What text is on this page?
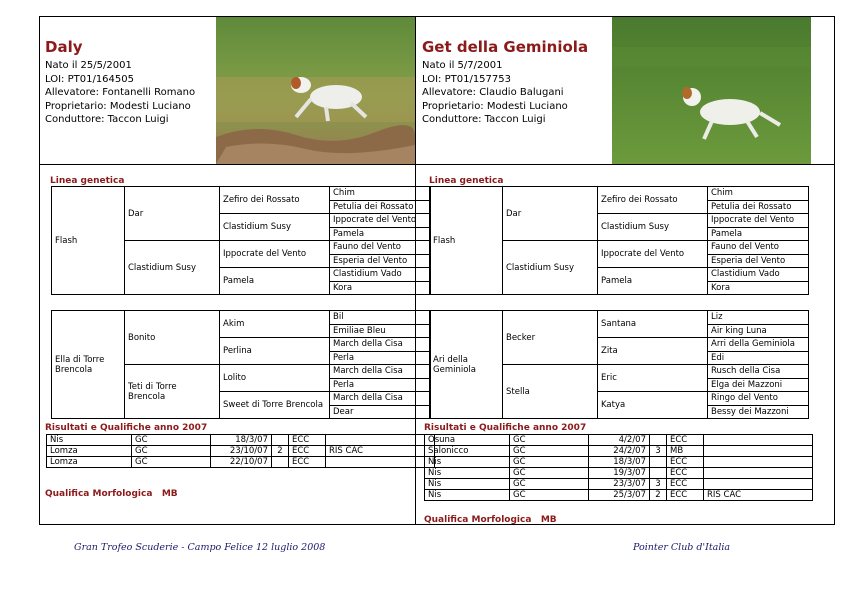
Daly
Nato il 25/5/2001
LOI: PT01/164505
Allevatore: Fontanelli Romano
Proprietario: Modesti Luciano
Conduttore: Taccon Luigi
Get della Geminiola
Nato il 5/7/2001
LOI: PT01/157753
Allevatore: Claudio Balugani
Proprietario: Modesti Luciano
Conduttore: Taccon Luigi
Linea genetica	Linea genetica
Flash	Dar	Zefiro dei Rossato	Chim
			Petulia dei Rossato
		Clastidium Susy	Ippocrate del Vento
			Pamela
	Clastidium Susy	Ippocrate del Vento	Fauno del Vento
			Esperia del Vento
		Pamela	Clastidium Vado
			Kora
Ella di Torre Brencola	Bonito	Akim	Bil
			Emiliae Bleu
		Perlina	March della Cisa
			Perla
	Teti di Torre Brencola	Lolito	March della Cisa
			Perla
		Sweet di Torre Brencola	March della Cisa
			Dear
Flash	Dar	Zefiro dei Rossato	Chim
			Petulia dei Rossato
		Clastidium Susy	Ippocrate del Vento
			Pamela
	Clastidium Susy	Ippocrate del Vento	Fauno del Vento
			Esperia del Vento
		Pamela	Clastidium Vado
			Kora
Ari della Geminiola	Becker	Santana	Liz
			Air king Luna
		Zita	Arri della Geminiola
			Edi
	Stella	Eric	Rusch della Cisa
			Elga dei Mazzoni
		Katya	Ringo del Vento
			Bessy dei Mazzoni
Risultati e Qualifiche anno 2007	Risultati e Qualifiche anno 2007
Nis	GC	18/3/07		ECC	
Lomza	GC	23/10/07	2	ECC	RIS CAC
Lomza	GC	22/10/07		ECC	
Osuna	GC	4/2/07		ECC	
Salonicco	GC	24/2/07	3	MB	
Nis	GC	18/3/07		ECC	
Nis	GC	19/3/07		ECC	
Nis	GC	23/3/07	3	ECC	
Nis	GC	25/3/07	2	ECC	RIS CAC
Qualifica Morfologica MB
Qualifica Morfologica MB
Gran Trofeo Scuderie - Campo Felice 12 luglio 2008	Pointer Club d'Italia
